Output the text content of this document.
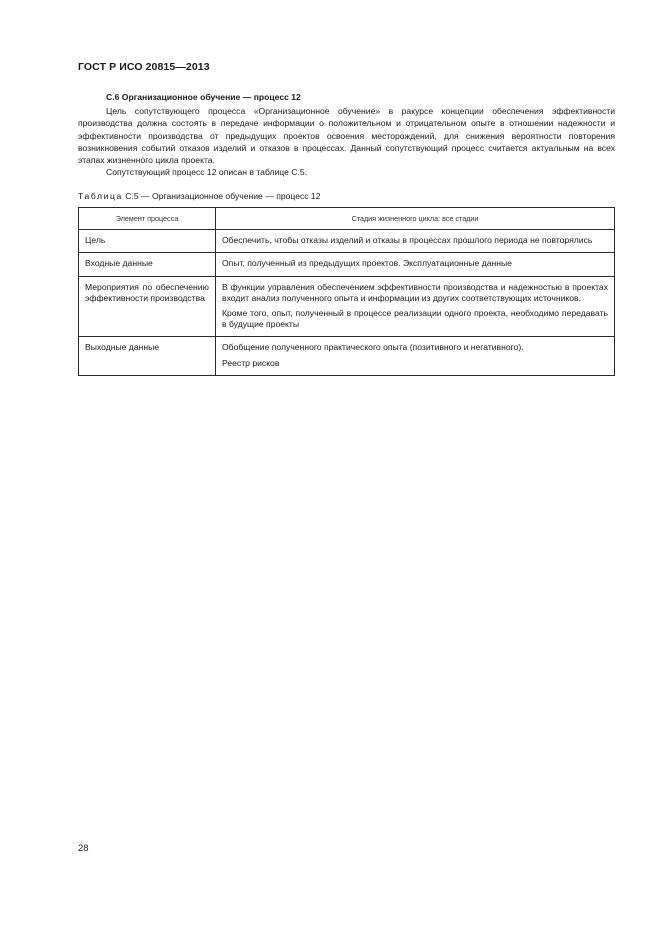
ГОСТ Р ИСО 20815—2013
С.6 Организационное обучение — процесс 12

Цель сопутствующего процесса «Организационное обучение» в ракурсе концепции обеспечения эффективности производства должна состоять в передаче информации о положительном и отрицательном опыте в отношении надежности и эффективности производства от предыдущих проектов освоения месторождений, для снижения вероятности повторения возникновения событий отказов изделий и отказов в процессах. Данный сопутствующий процесс считается актуальным на всех этапах жизненного цикла проекта.

Сопутствующий процесс 12 описан в таблице С.5.

Таблица С.5 — Организационное обучение — процесс 12
Элемент процесса	Стадия жизненного цикла: все стадии
Цель	Обеспечить, чтобы отказы изделий и отказы в процессах прошлого периода не повторялись

Входные данные	Опыт, полученный из предыдущих проектов. Эксплуатационные данные

Мероприятия по обеспечению эффективности производства	В функции управления обеспечением эффективности производства и надежностью в проектах входит анализ полученного опыта и информации из других соответствующих источников.
Кроме того, опыт, полученный в процессе реализации одного проекта, необходимо передавать в будущие проекты

Выходные данные	Обобщение полученного практического опыта (позитивного и негативного).
Реестр рисков
28
